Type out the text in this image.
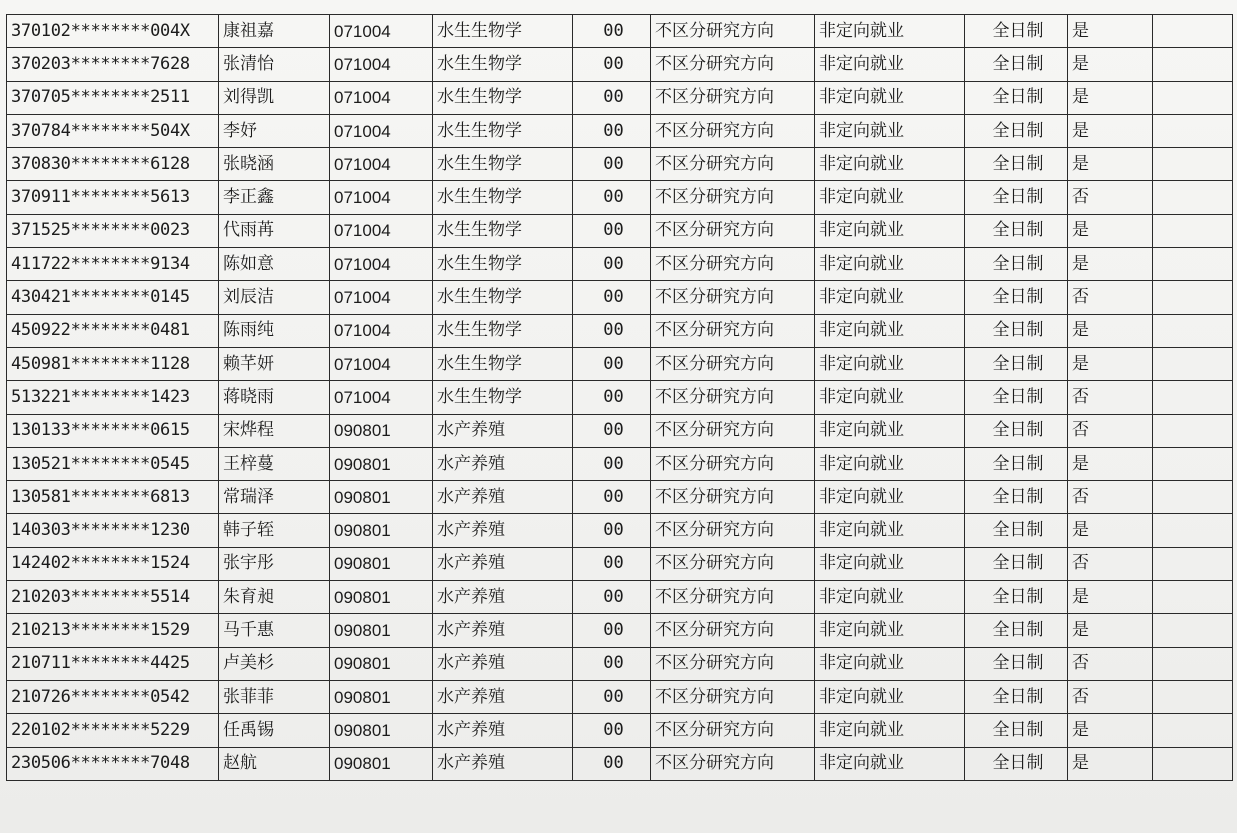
370102********004X	康祖嘉	071004	水生生物学	00	不区分研究方向	非定向就业	全日制	是	
370203********7628	张清怡	071004	水生生物学	00	不区分研究方向	非定向就业	全日制	是	
370705********2511	刘得凯	071004	水生生物学	00	不区分研究方向	非定向就业	全日制	是	
370784********504X	李妤	071004	水生生物学	00	不区分研究方向	非定向就业	全日制	是	
370830********6128	张晓涵	071004	水生生物学	00	不区分研究方向	非定向就业	全日制	是	
370911********5613	李正鑫	071004	水生生物学	00	不区分研究方向	非定向就业	全日制	否	
371525********0023	代雨苒	071004	水生生物学	00	不区分研究方向	非定向就业	全日制	是	
411722********9134	陈如意	071004	水生生物学	00	不区分研究方向	非定向就业	全日制	是	
430421********0145	刘辰洁	071004	水生生物学	00	不区分研究方向	非定向就业	全日制	否	
450922********0481	陈雨纯	071004	水生生物学	00	不区分研究方向	非定向就业	全日制	是	
450981********1128	赖芊妍	071004	水生生物学	00	不区分研究方向	非定向就业	全日制	是	
513221********1423	蒋晓雨	071004	水生生物学	00	不区分研究方向	非定向就业	全日制	否	
130133********0615	宋烨程	090801	水产养殖	00	不区分研究方向	非定向就业	全日制	否	
130521********0545	王梓蔓	090801	水产养殖	00	不区分研究方向	非定向就业	全日制	是	
130581********6813	常瑞泽	090801	水产养殖	00	不区分研究方向	非定向就业	全日制	否	
140303********1230	韩子轾	090801	水产养殖	00	不区分研究方向	非定向就业	全日制	是	
142402********1524	张宇彤	090801	水产养殖	00	不区分研究方向	非定向就业	全日制	否	
210203********5514	朱育昶	090801	水产养殖	00	不区分研究方向	非定向就业	全日制	是	
210213********1529	马千惠	090801	水产养殖	00	不区分研究方向	非定向就业	全日制	是	
210711********4425	卢美杉	090801	水产养殖	00	不区分研究方向	非定向就业	全日制	否	
210726********0542	张菲菲	090801	水产养殖	00	不区分研究方向	非定向就业	全日制	否	
220102********5229	任禹锡	090801	水产养殖	00	不区分研究方向	非定向就业	全日制	是	
230506********7048	赵航	090801	水产养殖	00	不区分研究方向	非定向就业	全日制	是	
